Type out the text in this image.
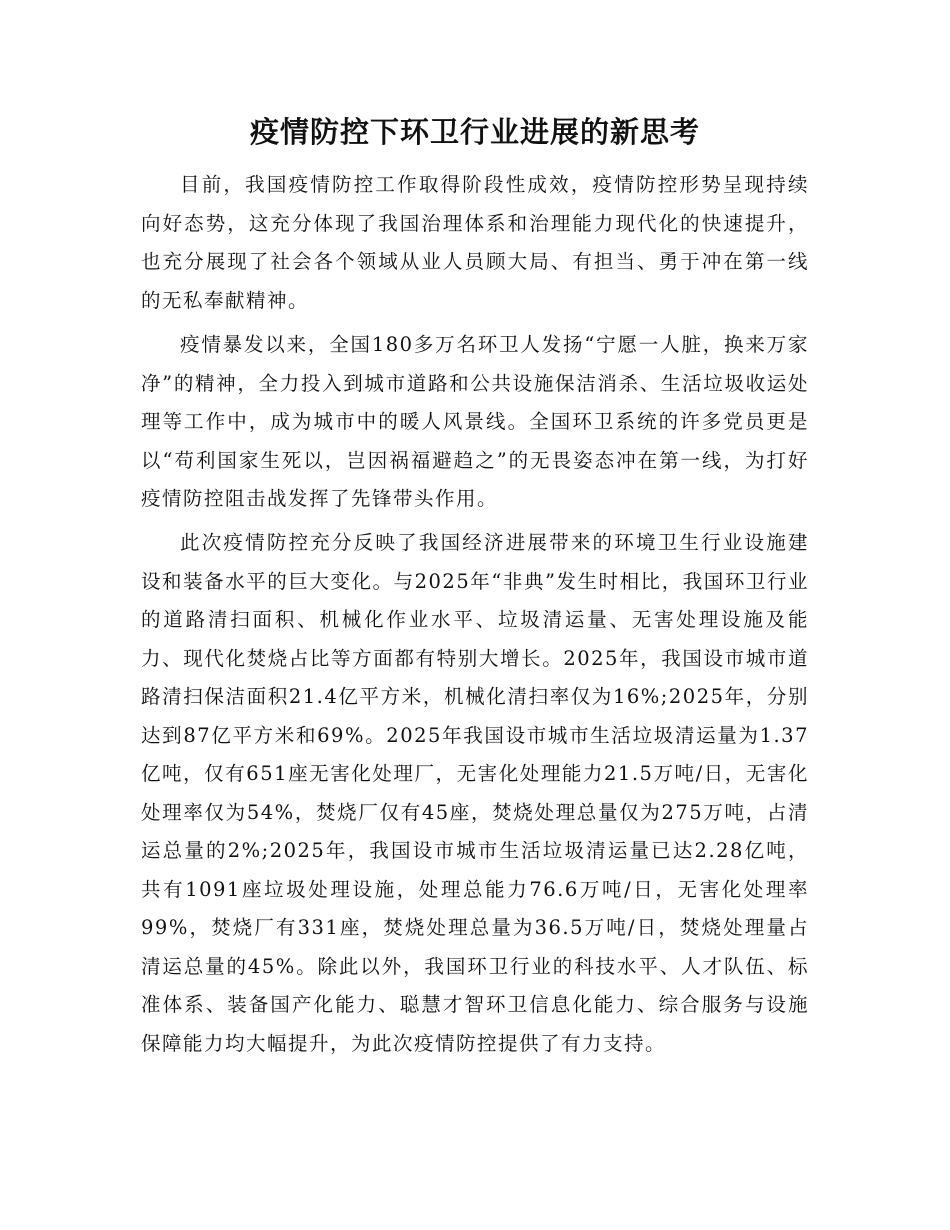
疫情防控下环卫行业进展的新思考

目前，我国疫情防控工作取得阶段性成效，疫情防控形势呈现持续向好态势，这充分体现了我国治理体系和治理能力现代化的快速提升，也充分展现了社会各个领域从业人员顾大局、有担当、勇于冲在第一线的无私奉献精神。

疫情暴发以来，全国180多万名环卫人发扬“宁愿一人脏，换来万家净”的精神，全力投入到城市道路和公共设施保洁消杀、生活垃圾收运处理等工作中，成为城市中的暖人风景线。全国环卫系统的许多党员更是以“苟利国家生死以，岂因祸福避趋之”的无畏姿态冲在第一线，为打好疫情防控阻击战发挥了先锋带头作用。

此次疫情防控充分反映了我国经济进展带来的环境卫生行业设施建设和装备水平的巨大变化。与2025年“非典”发生时相比，我国环卫行业的道路清扫面积、机械化作业水平、垃圾清运量、无害处理设施及能力、现代化焚烧占比等方面都有特别大增长。2025年，我国设市城市道路清扫保洁面积21.4亿平方米，机械化清扫率仅为16%;2025年，分别达到87亿平方米和69%。2025年我国设市城市生活垃圾清运量为1.37亿吨，仅有651座无害化处理厂，无害化处理能力21.5万吨/日，无害化处理率仅为54%，焚烧厂仅有45座，焚烧处理总量仅为275万吨，占清运总量的2%;2025年，我国设市城市生活垃圾清运量已达2.28亿吨，共有1091座垃圾处理设施，处理总能力76.6万吨/日，无害化处理率99%，焚烧厂有331座，焚烧处理总量为36.5万吨/日，焚烧处理量占清运总量的45%。除此以外，我国环卫行业的科技水平、人才队伍、标准体系、装备国产化能力、聪慧才智环卫信息化能力、综合服务与设施保障能力均大幅提升，为此次疫情防控提供了有力支持。
